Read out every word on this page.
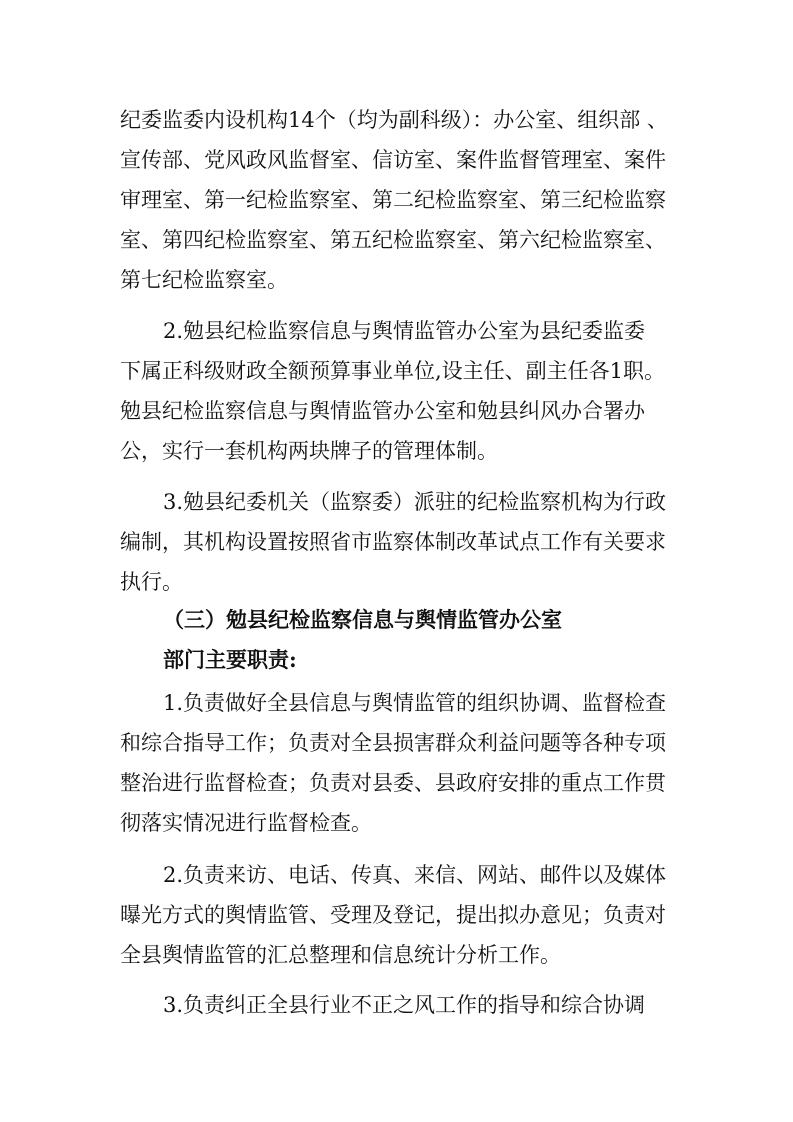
纪委监委内设机构14个（均为副科级）：办公室、组织部 、
宣传部、党风政风监督室、信访室、案件监督管理室、案件
审理室、第一纪检监察室、第二纪检监察室、第三纪检监察
室、第四纪检监察室、第五纪检监察室、第六纪检监察室、
第七纪检监察室。
2.勉县纪检监察信息与舆情监管办公室为县纪委监委
下属正科级财政全额预算事业单位,设主任、副主任各1职。
勉县纪检监察信息与舆情监管办公室和勉县纠风办合署办
公，实行一套机构两块牌子的管理体制。
3.勉县纪委机关（监察委）派驻的纪检监察机构为行政
编制，其机构设置按照省市监察体制改革试点工作有关要求
执行。
（三）勉县纪检监察信息与舆情监管办公室
部门主要职责:
1.负责做好全县信息与舆情监管的组织协调、监督检查
和综合指导工作；负责对全县损害群众利益问题等各种专项
整治进行监督检查；负责对县委、县政府安排的重点工作贯
彻落实情况进行监督检查。
2.负责来访、电话、传真、来信、网站、邮件以及媒体
曝光方式的舆情监管、受理及登记，提出拟办意见；负责对
全县舆情监管的汇总整理和信息统计分析工作。
3.负责纠正全县行业不正之风工作的指导和综合协调
